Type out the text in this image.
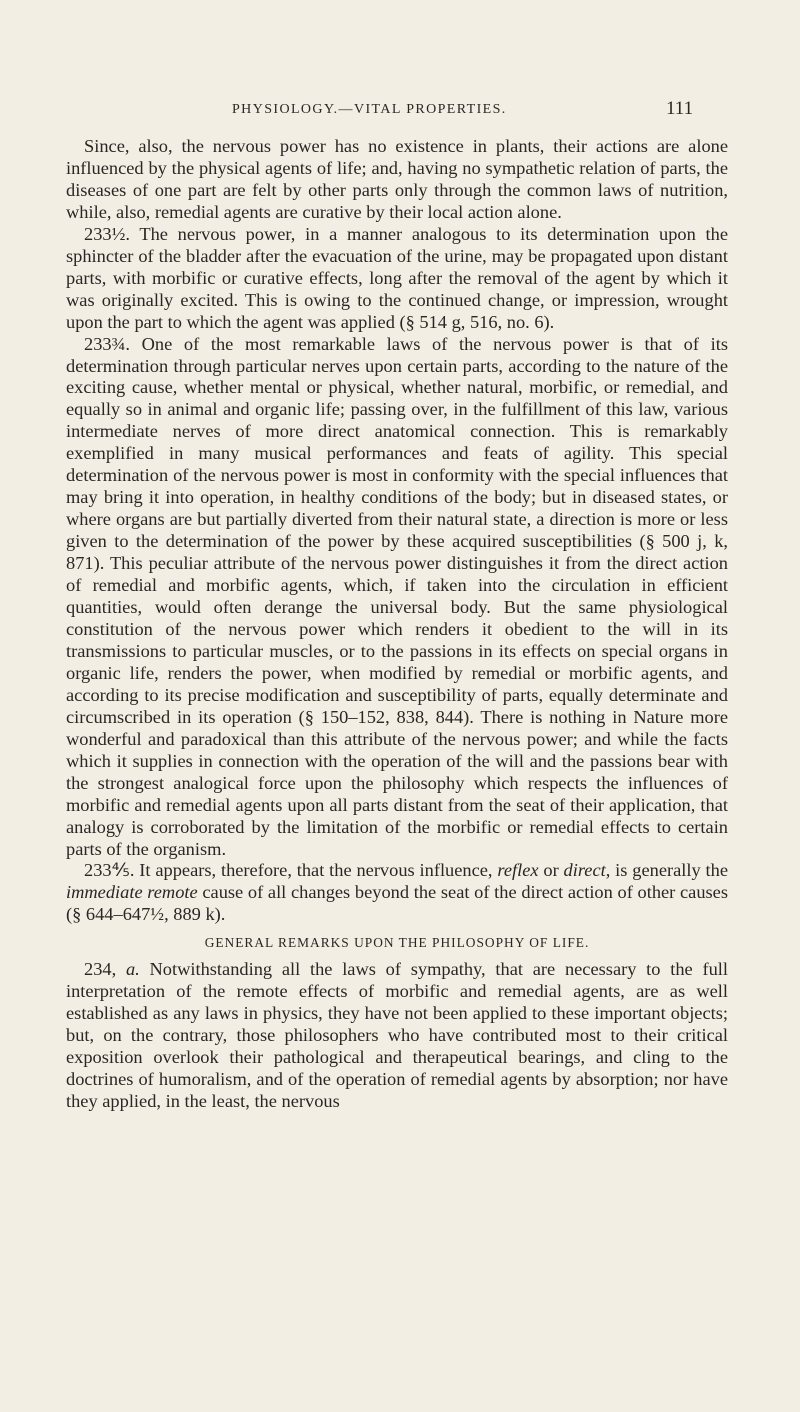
PHYSIOLOGY.—VITAL PROPERTIES.	111

Since, also, the nervous power has no existence in plants, their actions are alone influenced by the physical agents of life; and, having no sympathetic relation of parts, the diseases of one part are felt by other parts only through the common laws of nutrition, while, also, remedial agents are curative by their local action alone.

233½. The nervous power, in a manner analogous to its determination upon the sphincter of the bladder after the evacuation of the urine, may be propagated upon distant parts, with morbific or curative effects, long after the removal of the agent by which it was originally excited. This is owing to the continued change, or impression, wrought upon the part to which the agent was applied (§ 514 g, 516, no. 6).

233¾. One of the most remarkable laws of the nervous power is that of its determination through particular nerves upon certain parts, according to the nature of the exciting cause, whether mental or physical, whether natural, morbific, or remedial, and equally so in animal and organic life; passing over, in the fulfillment of this law, various intermediate nerves of more direct anatomical connection. This is remarkably exemplified in many musical performances and feats of agility. This special determination of the nervous power is most in conformity with the special influences that may bring it into operation, in healthy conditions of the body; but in diseased states, or where organs are but partially diverted from their natural state, a direction is more or less given to the determination of the power by these acquired susceptibilities (§ 500 j, k, 871). This peculiar attribute of the nervous power distinguishes it from the direct action of remedial and morbific agents, which, if taken into the circulation in efficient quantities, would often derange the universal body. But the same physiological constitution of the nervous power which renders it obedient to the will in its transmissions to particular muscles, or to the passions in its effects on special organs in organic life, renders the power, when modified by remedial or morbific agents, and according to its precise modification and susceptibility of parts, equally determinate and circumscribed in its operation (§ 150–152, 838, 844). There is nothing in Nature more wonderful and paradoxical than this attribute of the nervous power; and while the facts which it supplies in connection with the operation of the will and the passions bear with the strongest analogical force upon the philosophy which respects the influences of morbific and remedial agents upon all parts distant from the seat of their application, that analogy is corroborated by the limitation of the morbific or remedial effects to certain parts of the organism.

233⅘. It appears, therefore, that the nervous influence, reflex or direct, is generally the immediate remote cause of all changes beyond the seat of the direct action of other causes (§ 644–647½, 889 k).

GENERAL REMARKS UPON THE PHILOSOPHY OF LIFE.

234, a. Notwithstanding all the laws of sympathy, that are necessary to the full interpretation of the remote effects of morbific and remedial agents, are as well established as any laws in physics, they have not been applied to these important objects; but, on the contrary, those philosophers who have contributed most to their critical exposition overlook their pathological and therapeutical bearings, and cling to the doctrines of humoralism, and of the operation of remedial agents by absorption; nor have they applied, in the least, the nervous
